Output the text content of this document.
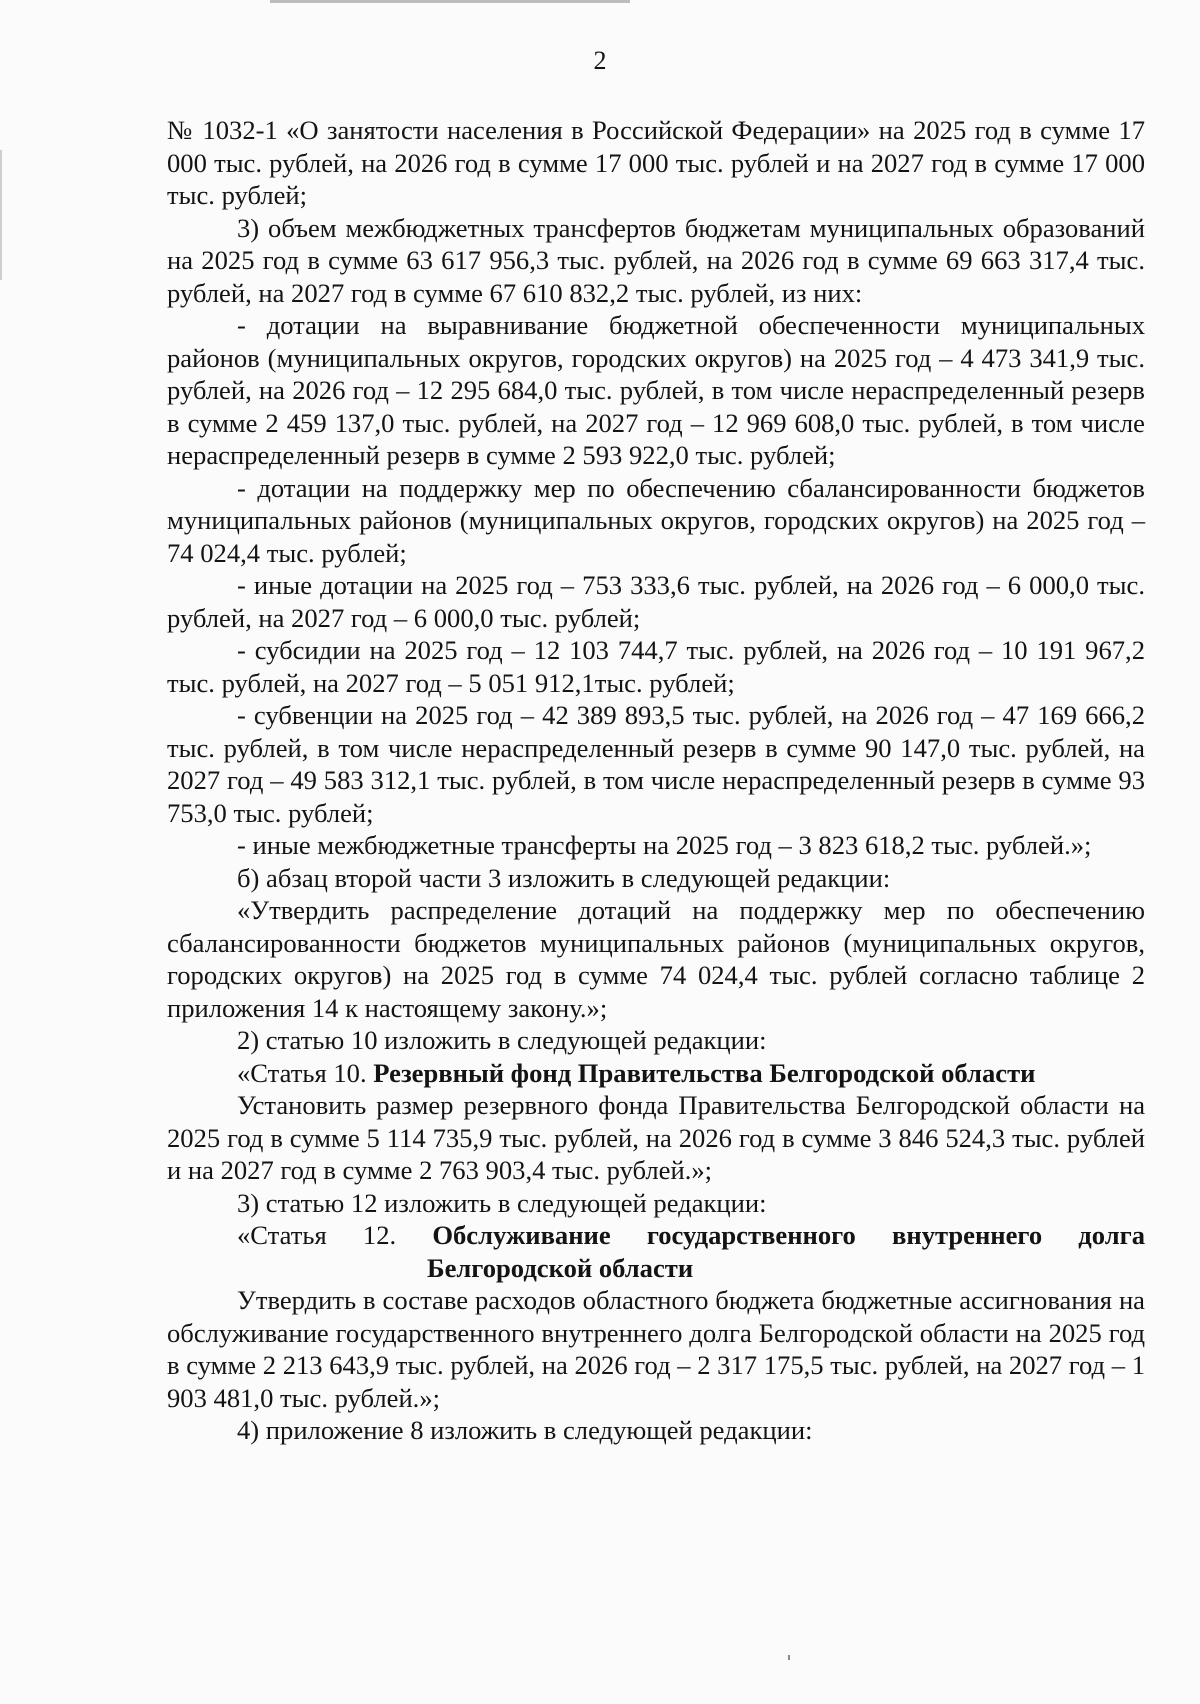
2

№ 1032-1 «О занятости населения в Российской Федерации» на 2025 год в сумме 17 000 тыс. рублей, на 2026 год в сумме 17 000 тыс. рублей и на 2027 год в сумме 17 000 тыс. рублей;

3) объем межбюджетных трансфертов бюджетам муниципальных образований на 2025 год в сумме 63 617 956,3 тыс. рублей, на 2026 год в сумме 69 663 317,4 тыс. рублей, на 2027 год в сумме 67 610 832,2 тыс. рублей, из них:

- дотации на выравнивание бюджетной обеспеченности муниципальных районов (муниципальных округов, городских округов) на 2025 год – 4 473 341,9 тыс. рублей, на 2026 год – 12 295 684,0 тыс. рублей, в том числе нераспределенный резерв в сумме 2 459 137,0 тыс. рублей, на 2027 год – 12 969 608,0 тыс. рублей, в том числе нераспределенный резерв в сумме 2 593 922,0 тыс. рублей;

- дотации на поддержку мер по обеспечению сбалансированности бюджетов муниципальных районов (муниципальных округов, городских округов) на 2025 год – 74 024,4 тыс. рублей;

- иные дотации на 2025 год – 753 333,6 тыс. рублей, на 2026 год – 6 000,0 тыс. рублей, на 2027 год – 6 000,0 тыс. рублей;

- субсидии на 2025 год – 12 103 744,7 тыс. рублей, на 2026 год – 10 191 967,2 тыс. рублей, на 2027 год – 5 051 912,1тыс. рублей;

- субвенции на 2025 год – 42 389 893,5 тыс. рублей, на 2026 год – 47 169 666,2 тыс. рублей, в том числе нераспределенный резерв в сумме 90 147,0 тыс. рублей, на 2027 год – 49 583 312,1 тыс. рублей, в том числе нераспределенный резерв в сумме 93 753,0 тыс. рублей;

- иные межбюджетные трансферты на 2025 год – 3 823 618,2 тыс. рублей.»;

б) абзац второй части 3 изложить в следующей редакции:

«Утвердить распределение дотаций на поддержку мер по обеспечению сбалансированности бюджетов муниципальных районов (муниципальных округов, городских округов) на 2025 год в сумме 74 024,4 тыс. рублей согласно таблице 2 приложения 14 к настоящему закону.»;

2) статью 10 изложить в следующей редакции:

«Статья 10. Резервный фонд Правительства Белгородской области

Установить размер резервного фонда Правительства Белгородской области на 2025 год в сумме 5 114 735,9 тыс. рублей, на 2026 год в сумме 3 846 524,3 тыс. рублей и на 2027 год в сумме 2 763 903,4 тыс. рублей.»;

3) статью 12 изложить в следующей редакции:

«Статья 12. Обслуживание государственного внутреннего долга Белгородской области

Утвердить в составе расходов областного бюджета бюджетные ассигнования на обслуживание государственного внутреннего долга Белгородской области на 2025 год в сумме 2 213 643,9 тыс. рублей, на 2026 год – 2 317 175,5 тыс. рублей, на 2027 год – 1 903 481,0 тыс. рублей.»;

4) приложение 8 изложить в следующей редакции:
